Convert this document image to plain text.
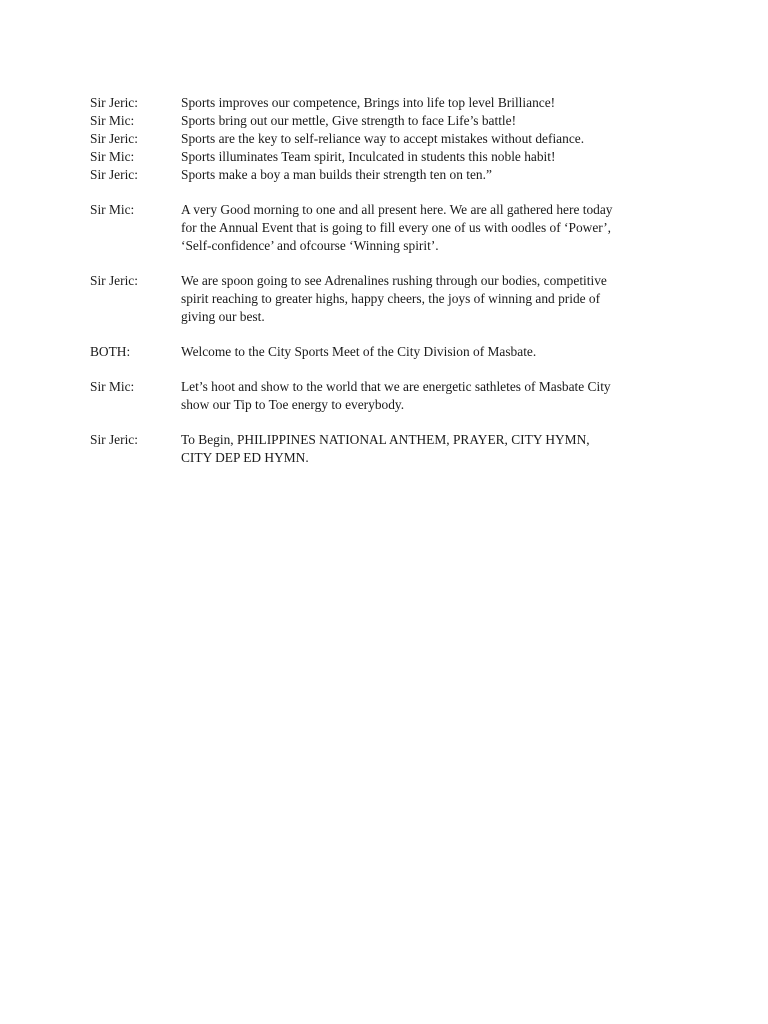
Sir Jeric:	Sports improves our competence, Brings into life top level Brilliance!
Sir Mic:	Sports bring out our mettle, Give strength to face Life’s battle!
Sir Jeric:	Sports are the key to self-reliance way to accept mistakes without defiance.
Sir Mic:	Sports illuminates Team spirit, Inculcated in students this noble habit!
Sir Jeric:	Sports make a boy a man builds their strength ten on ten.”
Sir Mic:	A very Good morning to one and all present here. We are all gathered here today
for the Annual Event that is going to fill every one of us with oodles of ‘Power’,
‘Self-confidence’ and ofcourse ‘Winning spirit’.
Sir Jeric:	We are spoon going to see Adrenalines rushing through our bodies, competitive
spirit reaching to greater highs, happy cheers, the joys of winning and pride of
giving our best.
BOTH:	Welcome to the City Sports Meet of the City Division of Masbate.
Sir Mic:	Let’s hoot and show to the world that we are energetic sathletes of Masbate City
show our Tip to Toe energy to everybody.
Sir Jeric:	To Begin, PHILIPPINES NATIONAL ANTHEM, PRAYER, CITY HYMN,
CITY DEP ED HYMN.
